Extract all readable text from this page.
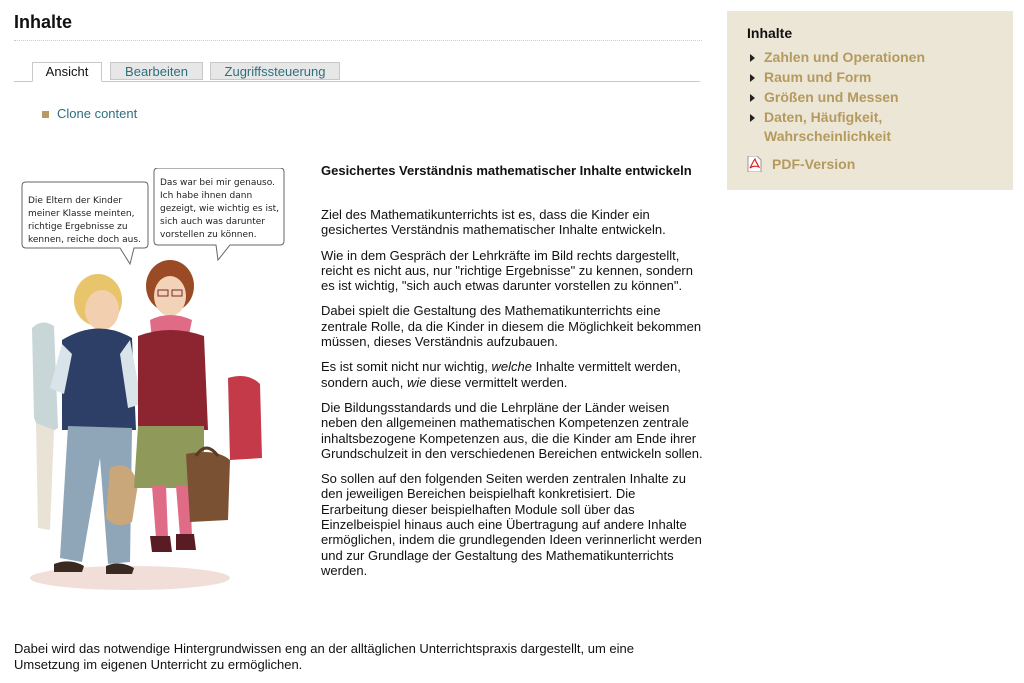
Inhalte
Ansicht	Bearbeiten	Zugriffssteuerung
Clone content
Die Eltern der Kinder meiner Klasse meinten, richtige Ergebnisse zu kennen, reiche doch aus.
Das war bei mir genauso. Ich habe ihnen dann gezeigt, wie wichtig es ist, sich auch was darunter vorstellen zu können.
Gesichertes Verständnis mathematischer Inhalte entwickeln

Ziel des Mathematikunterrichts ist es, dass die Kinder ein gesichertes Verständnis mathematischer Inhalte entwickeln.

Wie in dem Gespräch der Lehrkräfte im Bild rechts dargestellt, reicht es nicht aus, nur "richtige Ergebnisse" zu kennen, sondern es ist wichtig, "sich auch etwas darunter vorstellen zu können".

Dabei spielt die Gestaltung des Mathematikunterrichts eine zentrale Rolle, da die Kinder in diesem die Möglichkeit bekommen müssen, dieses Verständnis aufzubauen.

Es ist somit nicht nur wichtig, welche Inhalte vermittelt werden, sondern auch, wie diese vermittelt werden.

Die Bildungsstandards und die Lehrpläne der Länder weisen neben den allgemeinen mathematischen Kompetenzen zentrale inhaltsbezogene Kompetenzen aus, die die Kinder am Ende ihrer Grundschulzeit in den verschiedenen Bereichen entwickeln sollen.

So sollen auf den folgenden Seiten werden zentralen Inhalte zu den jeweiligen Bereichen beispielhaft konkretisiert. Die Erarbeitung dieser beispielhaften Module soll über das Einzelbeispiel hinaus auch eine Übertragung auf andere Inhalte ermöglichen, indem die grundlegenden Ideen verinnerlicht werden und zur Grundlage der Gestaltung des Mathematikunterrichts werden.

Dabei wird das notwendige Hintergrundwissen eng an der alltäglichen Unterrichtspraxis dargestellt, um eine Umsetzung im eigenen Unterricht zu ermöglichen.

Inhalte
Zahlen und Operationen
Raum und Form
Größen und Messen
Daten, Häufigkeit, Wahrscheinlichkeit
PDF-Version
